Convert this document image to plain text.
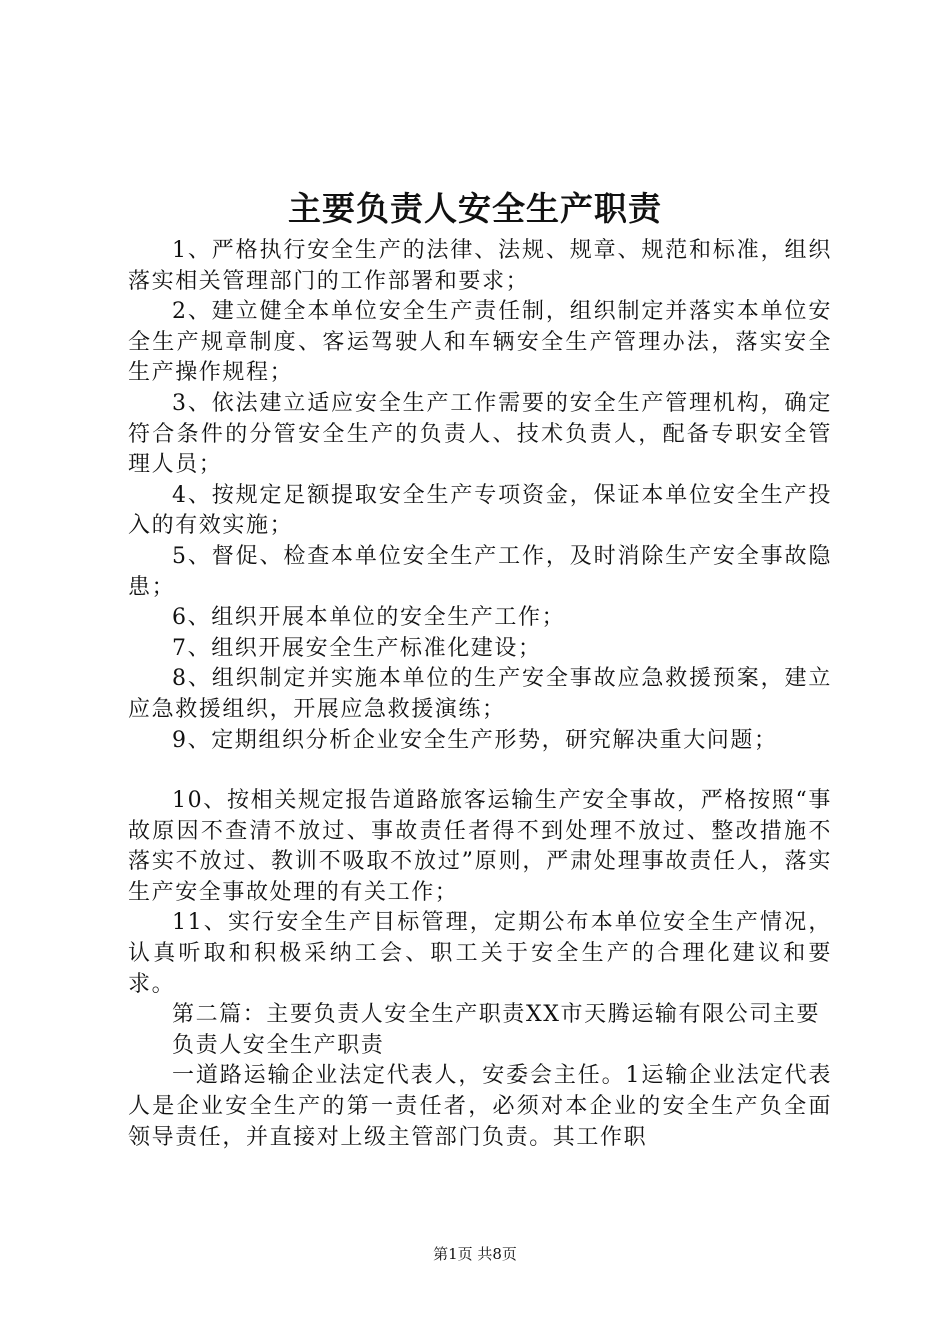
主要负责人安全生产职责

1、严格执行安全生产的法律、法规、规章、规范和标准，组织落实相关管理部门的工作部署和要求；

2、建立健全本单位安全生产责任制，组织制定并落实本单位安全生产规章制度、客运驾驶人和车辆安全生产管理办法，落实安全生产操作规程；

3、依法建立适应安全生产工作需要的安全生产管理机构，确定符合条件的分管安全生产的负责人、技术负责人，配备专职安全管理人员；

4、按规定足额提取安全生产专项资金，保证本单位安全生产投入的有效实施；

5、督促、检查本单位安全生产工作，及时消除生产安全事故隐患；

6、组织开展本单位的安全生产工作；

7、组织开展安全生产标准化建设；

8、组织制定并实施本单位的生产安全事故应急救援预案，建立应急救援组织，开展应急救援演练；

9、定期组织分析企业安全生产形势，研究解决重大问题；

10、按相关规定报告道路旅客运输生产安全事故，严格按照“事故原因不查清不放过、事故责任者得不到处理不放过、整改措施不落实不放过、教训不吸取不放过”原则，严肃处理事故责任人，落实生产安全事故处理的有关工作；

11、实行安全生产目标管理，定期公布本单位安全生产情况，认真听取和积极采纳工会、职工关于安全生产的合理化建议和要求。

第二篇：主要负责人安全生产职责XX市天腾运输有限公司主要

负责人安全生产职责

一道路运输企业法定代表人，安委会主任。1运输企业法定代表人是企业安全生产的第一责任者，必须对本企业的安全生产负全面领导责任，并直接对上级主管部门负责。其工作职

第1页 共8页
